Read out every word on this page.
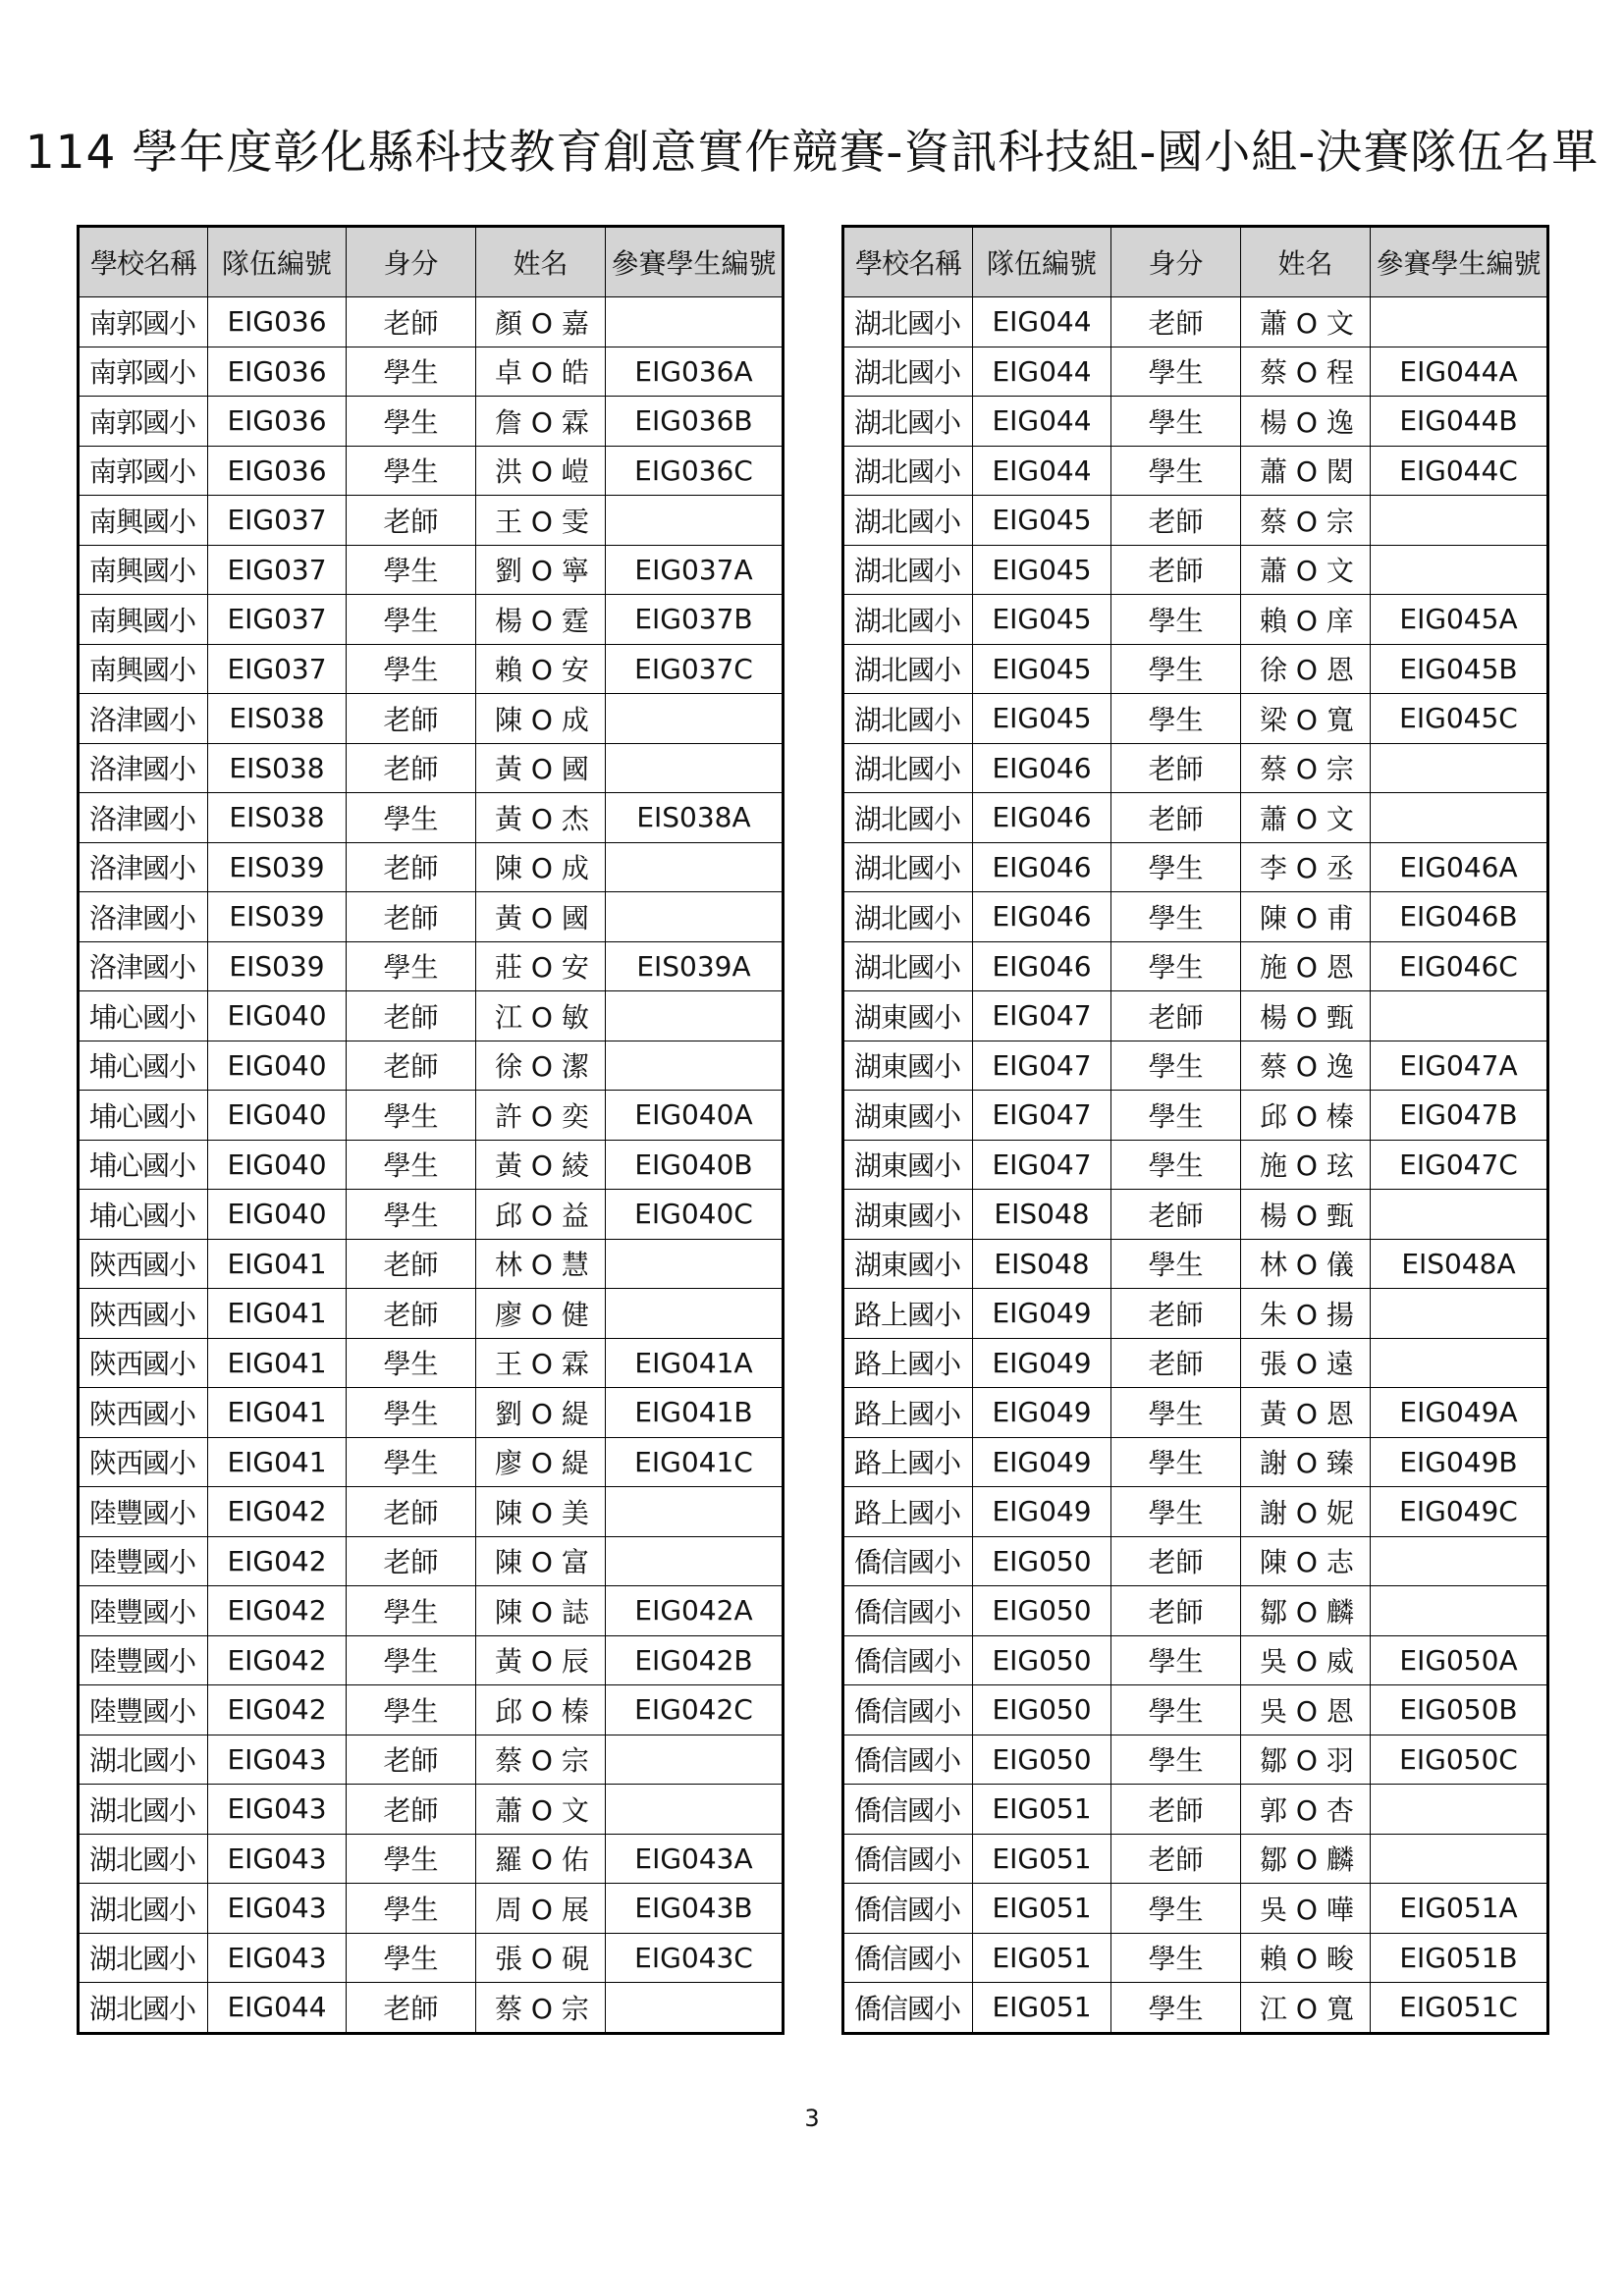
114 學年度彰化縣科技教育創意實作競賽-資訊科技組-國小組-決賽隊伍名單
學校名稱	隊伍編號	身分	姓名	參賽學生編號
南郭國小	EIG036	老師	顏 O 嘉	
南郭國小	EIG036	學生	卓 O 皓	EIG036A
南郭國小	EIG036	學生	詹 O 霖	EIG036B
南郭國小	EIG036	學生	洪 O 嵦	EIG036C
南興國小	EIG037	老師	王 O 雯	
南興國小	EIG037	學生	劉 O 寧	EIG037A
南興國小	EIG037	學生	楊 O 霆	EIG037B
南興國小	EIG037	學生	賴 O 安	EIG037C
洛津國小	EIS038	老師	陳 O 成	
洛津國小	EIS038	老師	黃 O 國	
洛津國小	EIS038	學生	黃 O 杰	EIS038A
洛津國小	EIS039	老師	陳 O 成	
洛津國小	EIS039	老師	黃 O 國	
洛津國小	EIS039	學生	莊 O 安	EIS039A
埔心國小	EIG040	老師	江 O 敏	
埔心國小	EIG040	老師	徐 O 潔	
埔心國小	EIG040	學生	許 O 奕	EIG040A
埔心國小	EIG040	學生	黃 O 綾	EIG040B
埔心國小	EIG040	學生	邱 O 益	EIG040C
陝西國小	EIG041	老師	林 O 慧	
陝西國小	EIG041	老師	廖 O 健	
陝西國小	EIG041	學生	王 O 霖	EIG041A
陝西國小	EIG041	學生	劉 O 緹	EIG041B
陝西國小	EIG041	學生	廖 O 緹	EIG041C
陸豐國小	EIG042	老師	陳 O 美	
陸豐國小	EIG042	老師	陳 O 富	
陸豐國小	EIG042	學生	陳 O 誌	EIG042A
陸豐國小	EIG042	學生	黃 O 辰	EIG042B
陸豐國小	EIG042	學生	邱 O 榛	EIG042C
湖北國小	EIG043	老師	蔡 O 宗	
湖北國小	EIG043	老師	蕭 O 文	
湖北國小	EIG043	學生	羅 O 佑	EIG043A
湖北國小	EIG043	學生	周 O 展	EIG043B
湖北國小	EIG043	學生	張 O 硯	EIG043C
湖北國小	EIG044	老師	蔡 O 宗	
學校名稱	隊伍編號	身分	姓名	參賽學生編號
湖北國小	EIG044	老師	蕭 O 文	
湖北國小	EIG044	學生	蔡 O 程	EIG044A
湖北國小	EIG044	學生	楊 O 逸	EIG044B
湖北國小	EIG044	學生	蕭 O 閎	EIG044C
湖北國小	EIG045	老師	蔡 O 宗	
湖北國小	EIG045	老師	蕭 O 文	
湖北國小	EIG045	學生	賴 O 庠	EIG045A
湖北國小	EIG045	學生	徐 O 恩	EIG045B
湖北國小	EIG045	學生	梁 O 寬	EIG045C
湖北國小	EIG046	老師	蔡 O 宗	
湖北國小	EIG046	老師	蕭 O 文	
湖北國小	EIG046	學生	李 O 丞	EIG046A
湖北國小	EIG046	學生	陳 O 甫	EIG046B
湖北國小	EIG046	學生	施 O 恩	EIG046C
湖東國小	EIG047	老師	楊 O 甄	
湖東國小	EIG047	學生	蔡 O 逸	EIG047A
湖東國小	EIG047	學生	邱 O 榛	EIG047B
湖東國小	EIG047	學生	施 O 玹	EIG047C
湖東國小	EIS048	老師	楊 O 甄	
湖東國小	EIS048	學生	林 O 儀	EIS048A
路上國小	EIG049	老師	朱 O 揚	
路上國小	EIG049	老師	張 O 遠	
路上國小	EIG049	學生	黃 O 恩	EIG049A
路上國小	EIG049	學生	謝 O 臻	EIG049B
路上國小	EIG049	學生	謝 O 妮	EIG049C
僑信國小	EIG050	老師	陳 O 志	
僑信國小	EIG050	老師	鄒 O 麟	
僑信國小	EIG050	學生	吳 O 威	EIG050A
僑信國小	EIG050	學生	吳 O 恩	EIG050B
僑信國小	EIG050	學生	鄒 O 羽	EIG050C
僑信國小	EIG051	老師	郭 O 杏	
僑信國小	EIG051	老師	鄒 O 麟	
僑信國小	EIG051	學生	吳 O 嘩	EIG051A
僑信國小	EIG051	學生	賴 O 畯	EIG051B
僑信國小	EIG051	學生	江 O 寬	EIG051C
3
